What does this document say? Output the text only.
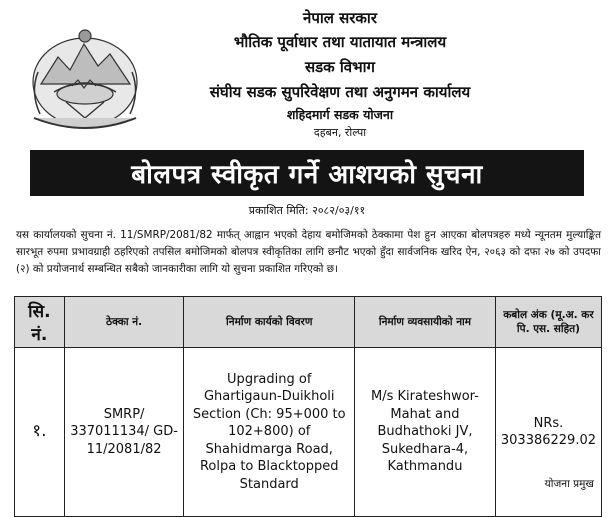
नेपाल सरकार
भौतिक पूर्वाधार तथा यातायात मन्त्रालय
सडक विभाग
संघीय सडक सुपरिवेक्षण तथा अनुगमन कार्यालय
शहिदमार्ग सडक योजना
दहबन, रोल्पा
बोलपत्र स्वीकृत गर्ने आशयको सुचना
प्रकाशित मिति: २०८२/०३/११
यस कार्यालयको सुचना नं. 11/SMRP/2081/82 मार्फत् आह्वान भएको देहाय बमोजिमको ठेक्कामा पेश हुन आएका बोलपत्रहरु मध्ये न्यूनतम मुल्याङ्कित सारभूत रुपमा प्रभावग्राही ठहरिएको तपसिल बमोजिमको बोलपत्र स्वीकृतिका लागि छनौट भएको हुँदा सार्वजनिक खरिद ऐन, २०६३ को दफा २७ को उपदफा (२) को प्रयोजनार्थ सम्बन्धित सबैको जानकारीका लागि यो सुचना प्रकाशित गरिएको छ।
सि. नं.	ठेक्का नं.	निर्माण कार्यको विवरण	निर्माण व्यवसायीको नाम	कबोल अंक (मू.अ. कर पि. एस. सहित)
१.	SMRP/ 337011134/ GD-11/2081/82	Upgrading of Ghartigaun-Duikholi Section (Ch: 95+000 to 102+800) of Shahidmarga Road, Rolpa to Blacktopped Standard	M/s Kirateshwor-Mahat and Budhathoki JV, Sukedhara-4, Kathmandu	NRs. 303386229.02
योजना प्रमुख
